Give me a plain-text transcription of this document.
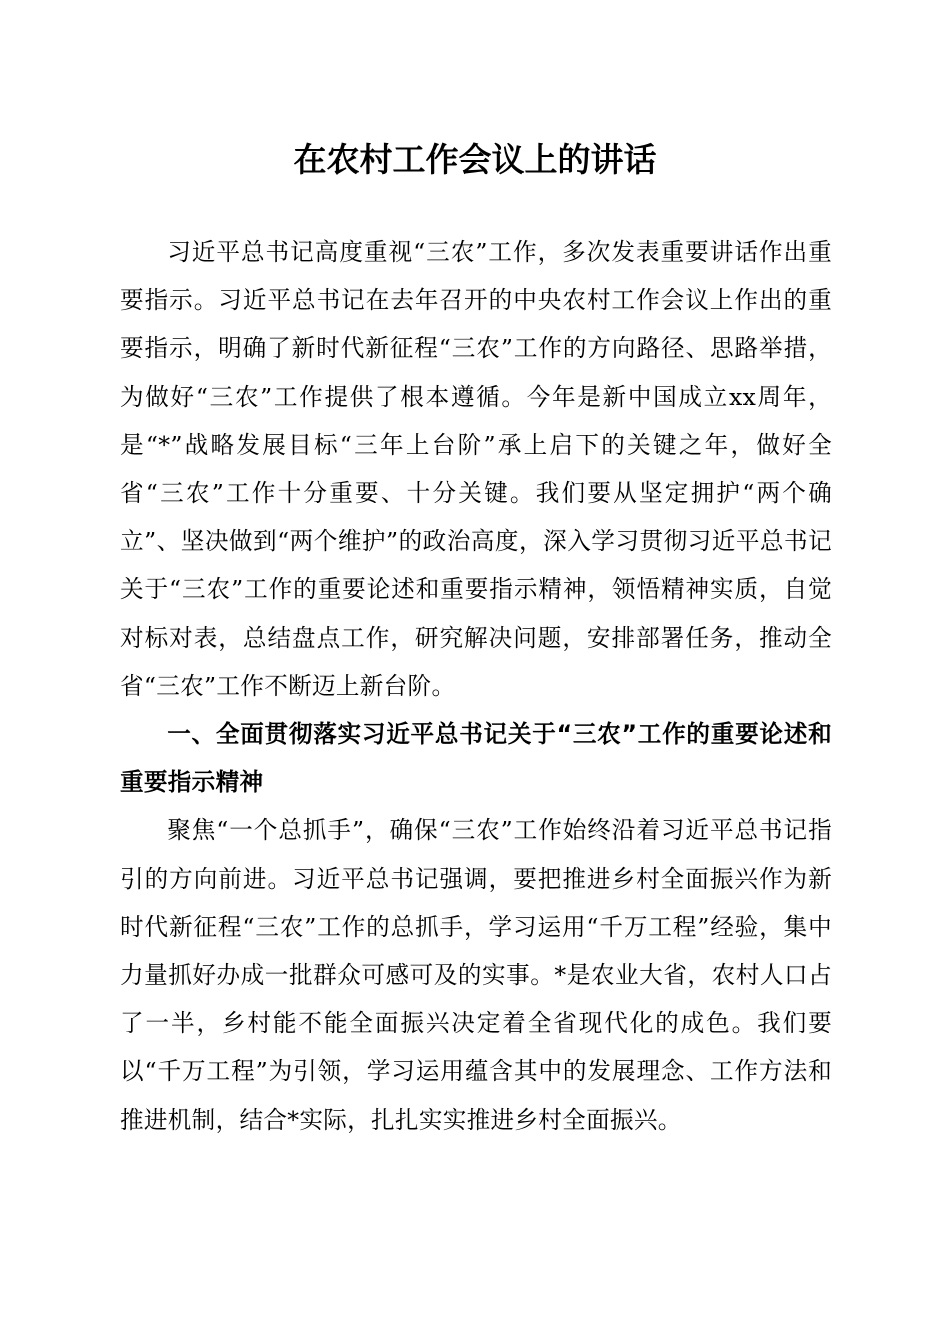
在农村工作会议上的讲话

习近平总书记高度重视“三农”工作，多次发表重要讲话作出重要指示。习近平总书记在去年召开的中央农村工作会议上作出的重要指示，明确了新时代新征程“三农”工作的方向路径、思路举措，为做好“三农”工作提供了根本遵循。今年是新中国成立xx周年，是“*”战略发展目标“三年上台阶”承上启下的关键之年，做好全省“三农”工作十分重要、十分关键。我们要从坚定拥护“两个确立”、坚决做到“两个维护”的政治高度，深入学习贯彻习近平总书记关于“三农”工作的重要论述和重要指示精神，领悟精神实质，自觉对标对表，总结盘点工作，研究解决问题，安排部署任务，推动全省“三农”工作不断迈上新台阶。

一、全面贯彻落实习近平总书记关于“三农”工作的重要论述和重要指示精神

聚焦“一个总抓手”，确保“三农”工作始终沿着习近平总书记指引的方向前进。习近平总书记强调，要把推进乡村全面振兴作为新时代新征程“三农”工作的总抓手，学习运用“千万工程”经验，集中力量抓好办成一批群众可感可及的实事。*是农业大省，农村人口占了一半，乡村能不能全面振兴决定着全省现代化的成色。我们要以“千万工程”为引领，学习运用蕴含其中的发展理念、工作方法和推进机制，结合*实际，扎扎实实推进乡村全面振兴。
